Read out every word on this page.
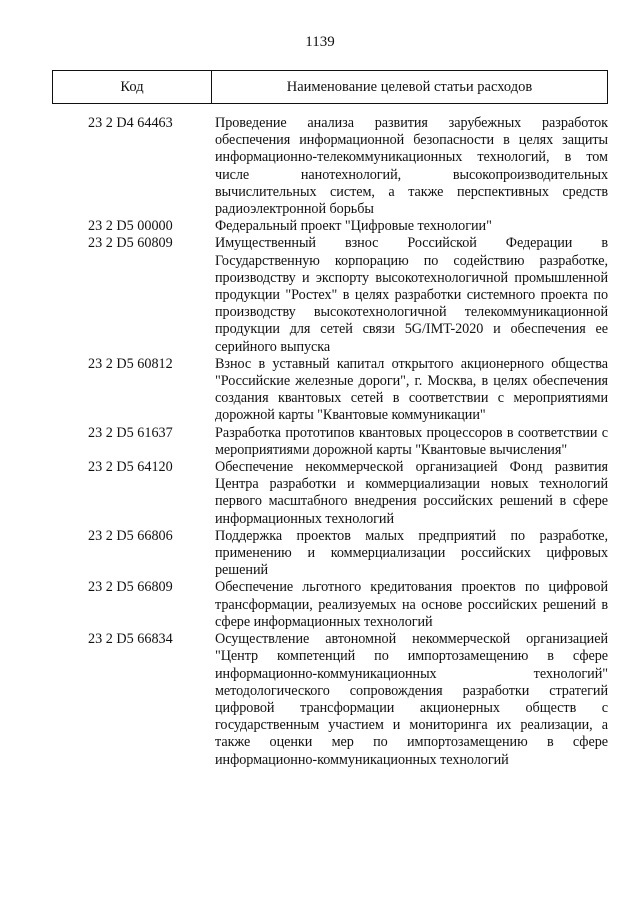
1139
Код	Наименование целевой статьи расходов
23 2 D4 64463	Проведение анализа развития зарубежных разработок обеспечения информационной безопасности в целях защиты информационно-телекоммуникационных технологий, в том числе нанотехнологий, высокопроизводительных вычислительных систем, а также перспективных средств радиоэлектронной борьбы
23 2 D5 00000	Федеральный проект "Цифровые технологии"
23 2 D5 60809	Имущественный взнос Российской Федерации в Государственную корпорацию по содействию разработке, производству и экспорту высокотехнологичной промышленной продукции "Ростех" в целях разработки системного проекта по производству высокотехнологичной телекоммуникационной продукции для сетей связи 5G/IMT-2020 и обеспечения ее серийного выпуска
23 2 D5 60812	Взнос в уставный капитал открытого акционерного общества "Российские железные дороги", г. Москва, в целях обеспечения создания квантовых сетей в соответствии с мероприятиями дорожной карты "Квантовые коммуникации"
23 2 D5 61637	Разработка прототипов квантовых процессоров в соответствии с мероприятиями дорожной карты "Квантовые вычисления"
23 2 D5 64120	Обеспечение некоммерческой организацией Фонд развития Центра разработки и коммерциализации новых технологий первого масштабного внедрения российских решений в сфере информационных технологий
23 2 D5 66806	Поддержка проектов малых предприятий по разработке, применению и коммерциализации российских цифровых решений
23 2 D5 66809	Обеспечение льготного кредитования проектов по цифровой трансформации, реализуемых на основе российских решений в сфере информационных технологий
23 2 D5 66834	Осуществление автономной некоммерческой организацией "Центр компетенций по импортозамещению в сфере информационно-коммуникационных технологий" методологического сопровождения разработки стратегий цифровой трансформации акционерных обществ с государственным участием и мониторинга их реализации, а также оценки мер по импортозамещению в сфере информационно-коммуникационных технологий
